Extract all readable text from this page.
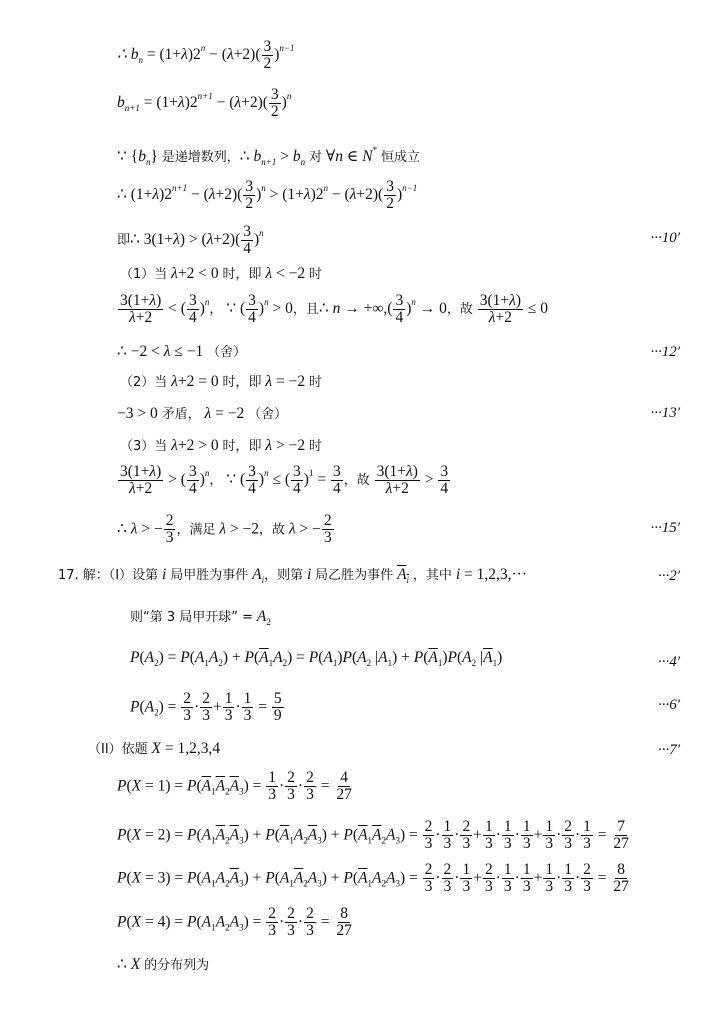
∴ $b_n = (1+\lambda)2^n - (\lambda+2)( \frac{3}{2} )^{n-1}$
$b_{n+1} = (1+\lambda)2^{n+1} - (\lambda+2)( \frac{3}{2} )^n$
∵ $\{b_n\}$ 是递增数列，∴ $b_{n+1} > b_n$ 对 ∀n ∈ N* 恒成立
∴ $(1+\lambda)2^{n+1} - (\lambda+2)( \frac{3}{2} )^n > (1+\lambda)2^n - (\lambda+2)( \frac{3}{2} )^{n-1}$
即∴ $3(1+\lambda) > (\lambda+2)( \frac{3}{4} )^n$	···10′
（1）当 λ+2 < 0 时，即 λ < −2 时
$\frac{3(1+\lambda)}{\lambda+2}$ < ( $\frac{3}{4} )^n$， ∵ ( $\frac{3}{4} )^n > 0$，且∴ n → +∞,( $\frac{3}{4} )^n \to 0$，故 $\frac{3(1+\lambda)}{\lambda+2} \le 0$
∴ −2 < λ ≤ −1 （舍）	···12′
（2）当 λ+2 = 0 时，即 λ = −2 时
−3 > 0 矛盾， λ = −2 （舍）	···13′
（3）当 λ+2 > 0 时，即 λ > −2 时
$\frac{3(1+\lambda)}{\lambda+2}$ > ( $\frac{3}{4} )^n$， ∵ ( $\frac{3}{4} )^n$ ≤ ( $\frac{3}{4} )^1 = \frac{3}{4}$ ，故 $\frac{3(1+\lambda)}{\lambda+2} > \frac{3}{4}$
∴ λ > − $\frac{2}{3}$ ，满足 λ > −2，故 λ > − $\frac{2}{3}$	···15′
17. 解：（Ⅰ）设第 i 局甲胜为事件 $A_i$，则第 i 局乙胜为事件 $A_i$ ，其中 i = 1,2,3,···	···2′
则“第 3 局甲开球” = $A_2$
$P(A_2) = P(A_1A_2) + P(\overline{A}_1A_2) = P(A_1)P(A_2$ $|A_1) + P(\overline{A}_1)P(A_2$ $|\overline{A}_1$)	···4′
$P(A_2) = \frac{2}{3} \cdot \frac{2}{3} + \frac{1}{3} \cdot \frac{1}{3} = \frac{5}{9}$	···6′
（II）依题 X = 1,2,3,4	···7′
$P(X = 1) = P(\overline{A}_1\overline{A}_2\overline{A}_3) = \frac{1}{3} \cdot \frac{2}{3} \cdot \frac{2}{3} = \frac{4}{27}$
$P(X = 2) = P(A_1\overline{A}_2\overline{A}_3) + P(\overline{A}_1A_2\overline{A}_3) + P(\overline{A}_1\overline{A}_2A_3) = \frac{2}{3} \cdot \frac{1}{3} \cdot \frac{2}{3} + \frac{1}{3} \cdot \frac{1}{3} \cdot \frac{1}{3} + \frac{1}{3} \cdot \frac{2}{3} \cdot \frac{1}{3} = \frac{7}{27}$
$P(X = 3) = P(A_1A_2\overline{A}_3) + P(A_1\overline{A}_2A_3) + P(\overline{A}_1A_2A_3) = \frac{2}{3} \cdot \frac{2}{3} \cdot \frac{1}{3} + \frac{2}{3} \cdot \frac{1}{3} \cdot \frac{1}{3} + \frac{1}{3} \cdot \frac{1}{3} \cdot \frac{2}{3} = \frac{8}{27}$
$P(X = 4) = P(A_1A_2A_3) = \frac{2}{3} \cdot \frac{2}{3} \cdot \frac{2}{3} = \frac{8}{27}$
∴ X 的分布列为
